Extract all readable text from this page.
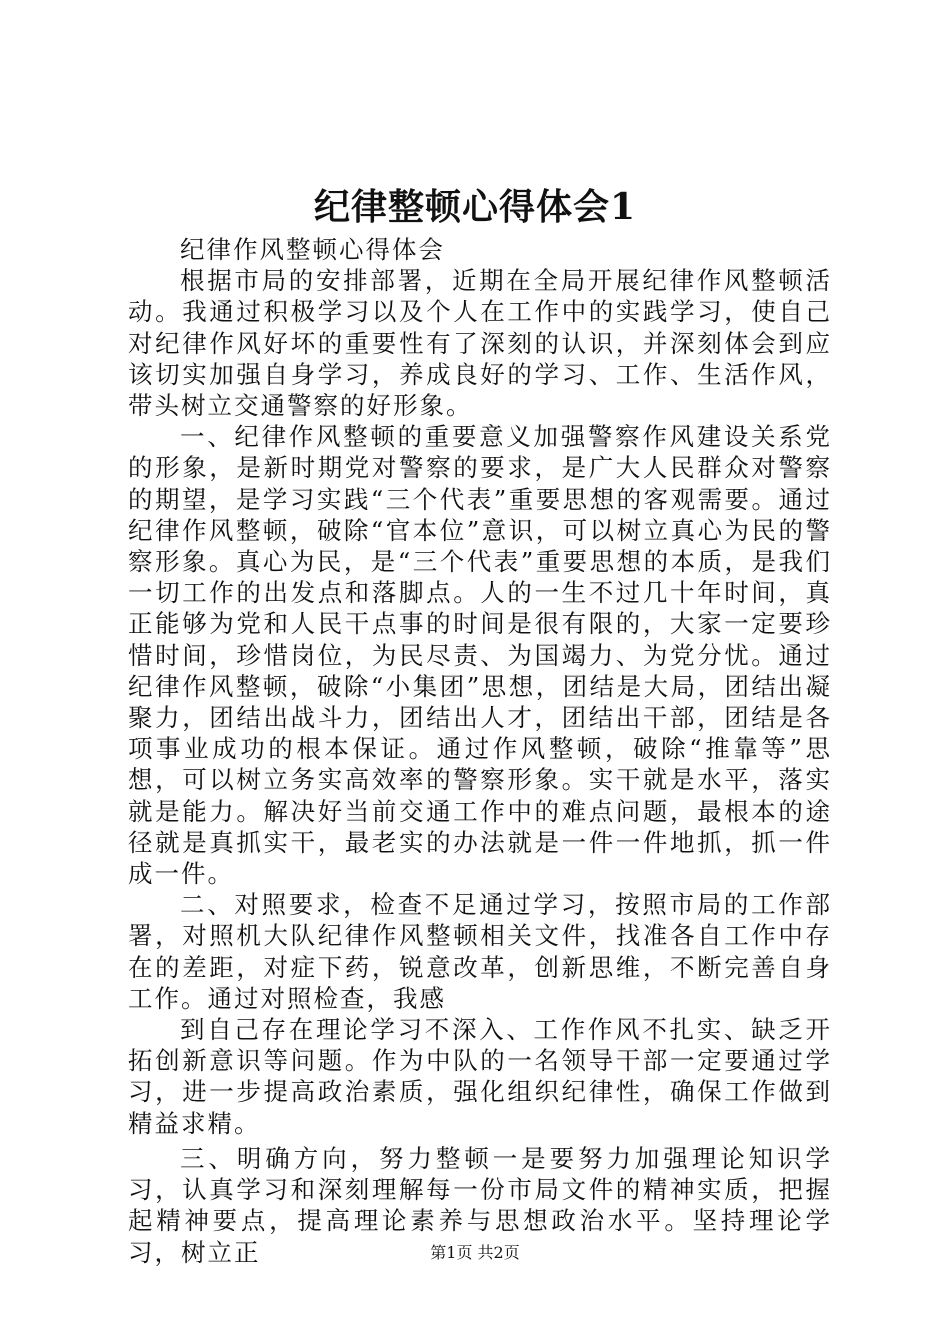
纪律整顿心得体会1

纪律作风整顿心得体会

根据市局的安排部署，近期在全局开展纪律作风整顿活动。我通过积极学习以及个人在工作中的实践学习，使自己对纪律作风好坏的重要性有了深刻的认识，并深刻体会到应该切实加强自身学习，养成良好的学习、工作、生活作风，带头树立交通警察的好形象。

一、纪律作风整顿的重要意义加强警察作风建设关系党的形象，是新时期党对警察的要求，是广大人民群众对警察的期望，是学习实践“三个代表”重要思想的客观需要。通过纪律作风整顿，破除“官本位”意识，可以树立真心为民的警察形象。真心为民，是“三个代表”重要思想的本质，是我们一切工作的出发点和落脚点。人的一生不过几十年时间，真正能够为党和人民干点事的时间是很有限的，大家一定要珍惜时间，珍惜岗位，为民尽责、为国竭力、为党分忧。通过纪律作风整顿，破除“小集团”思想，团结是大局，团结出凝聚力，团结出战斗力，团结出人才，团结出干部，团结是各项事业成功的根本保证。通过作风整顿，破除“推靠等”思想，可以树立务实高效率的警察形象。实干就是水平，落实就是能力。解决好当前交通工作中的难点问题，最根本的途径就是真抓实干，最老实的办法就是一件一件地抓，抓一件成一件。

二、对照要求，检查不足通过学习，按照市局的工作部署，对照机大队纪律作风整顿相关文件，找准各自工作中存在的差距，对症下药，锐意改革，创新思维，不断完善自身工作。通过对照检查，我感

到自己存在理论学习不深入、工作作风不扎实、缺乏开拓创新意识等问题。作为中队的一名领导干部一定要通过学习，进一步提高政治素质，强化组织纪律性，确保工作做到精益求精。

三、明确方向，努力整顿一是要努力加强理论知识学习，认真学习和深刻理解每一份市局文件的精神实质，把握起精神要点，提高理论素养与思想政治水平。坚持理论学习，树立正	第1页 共2页
